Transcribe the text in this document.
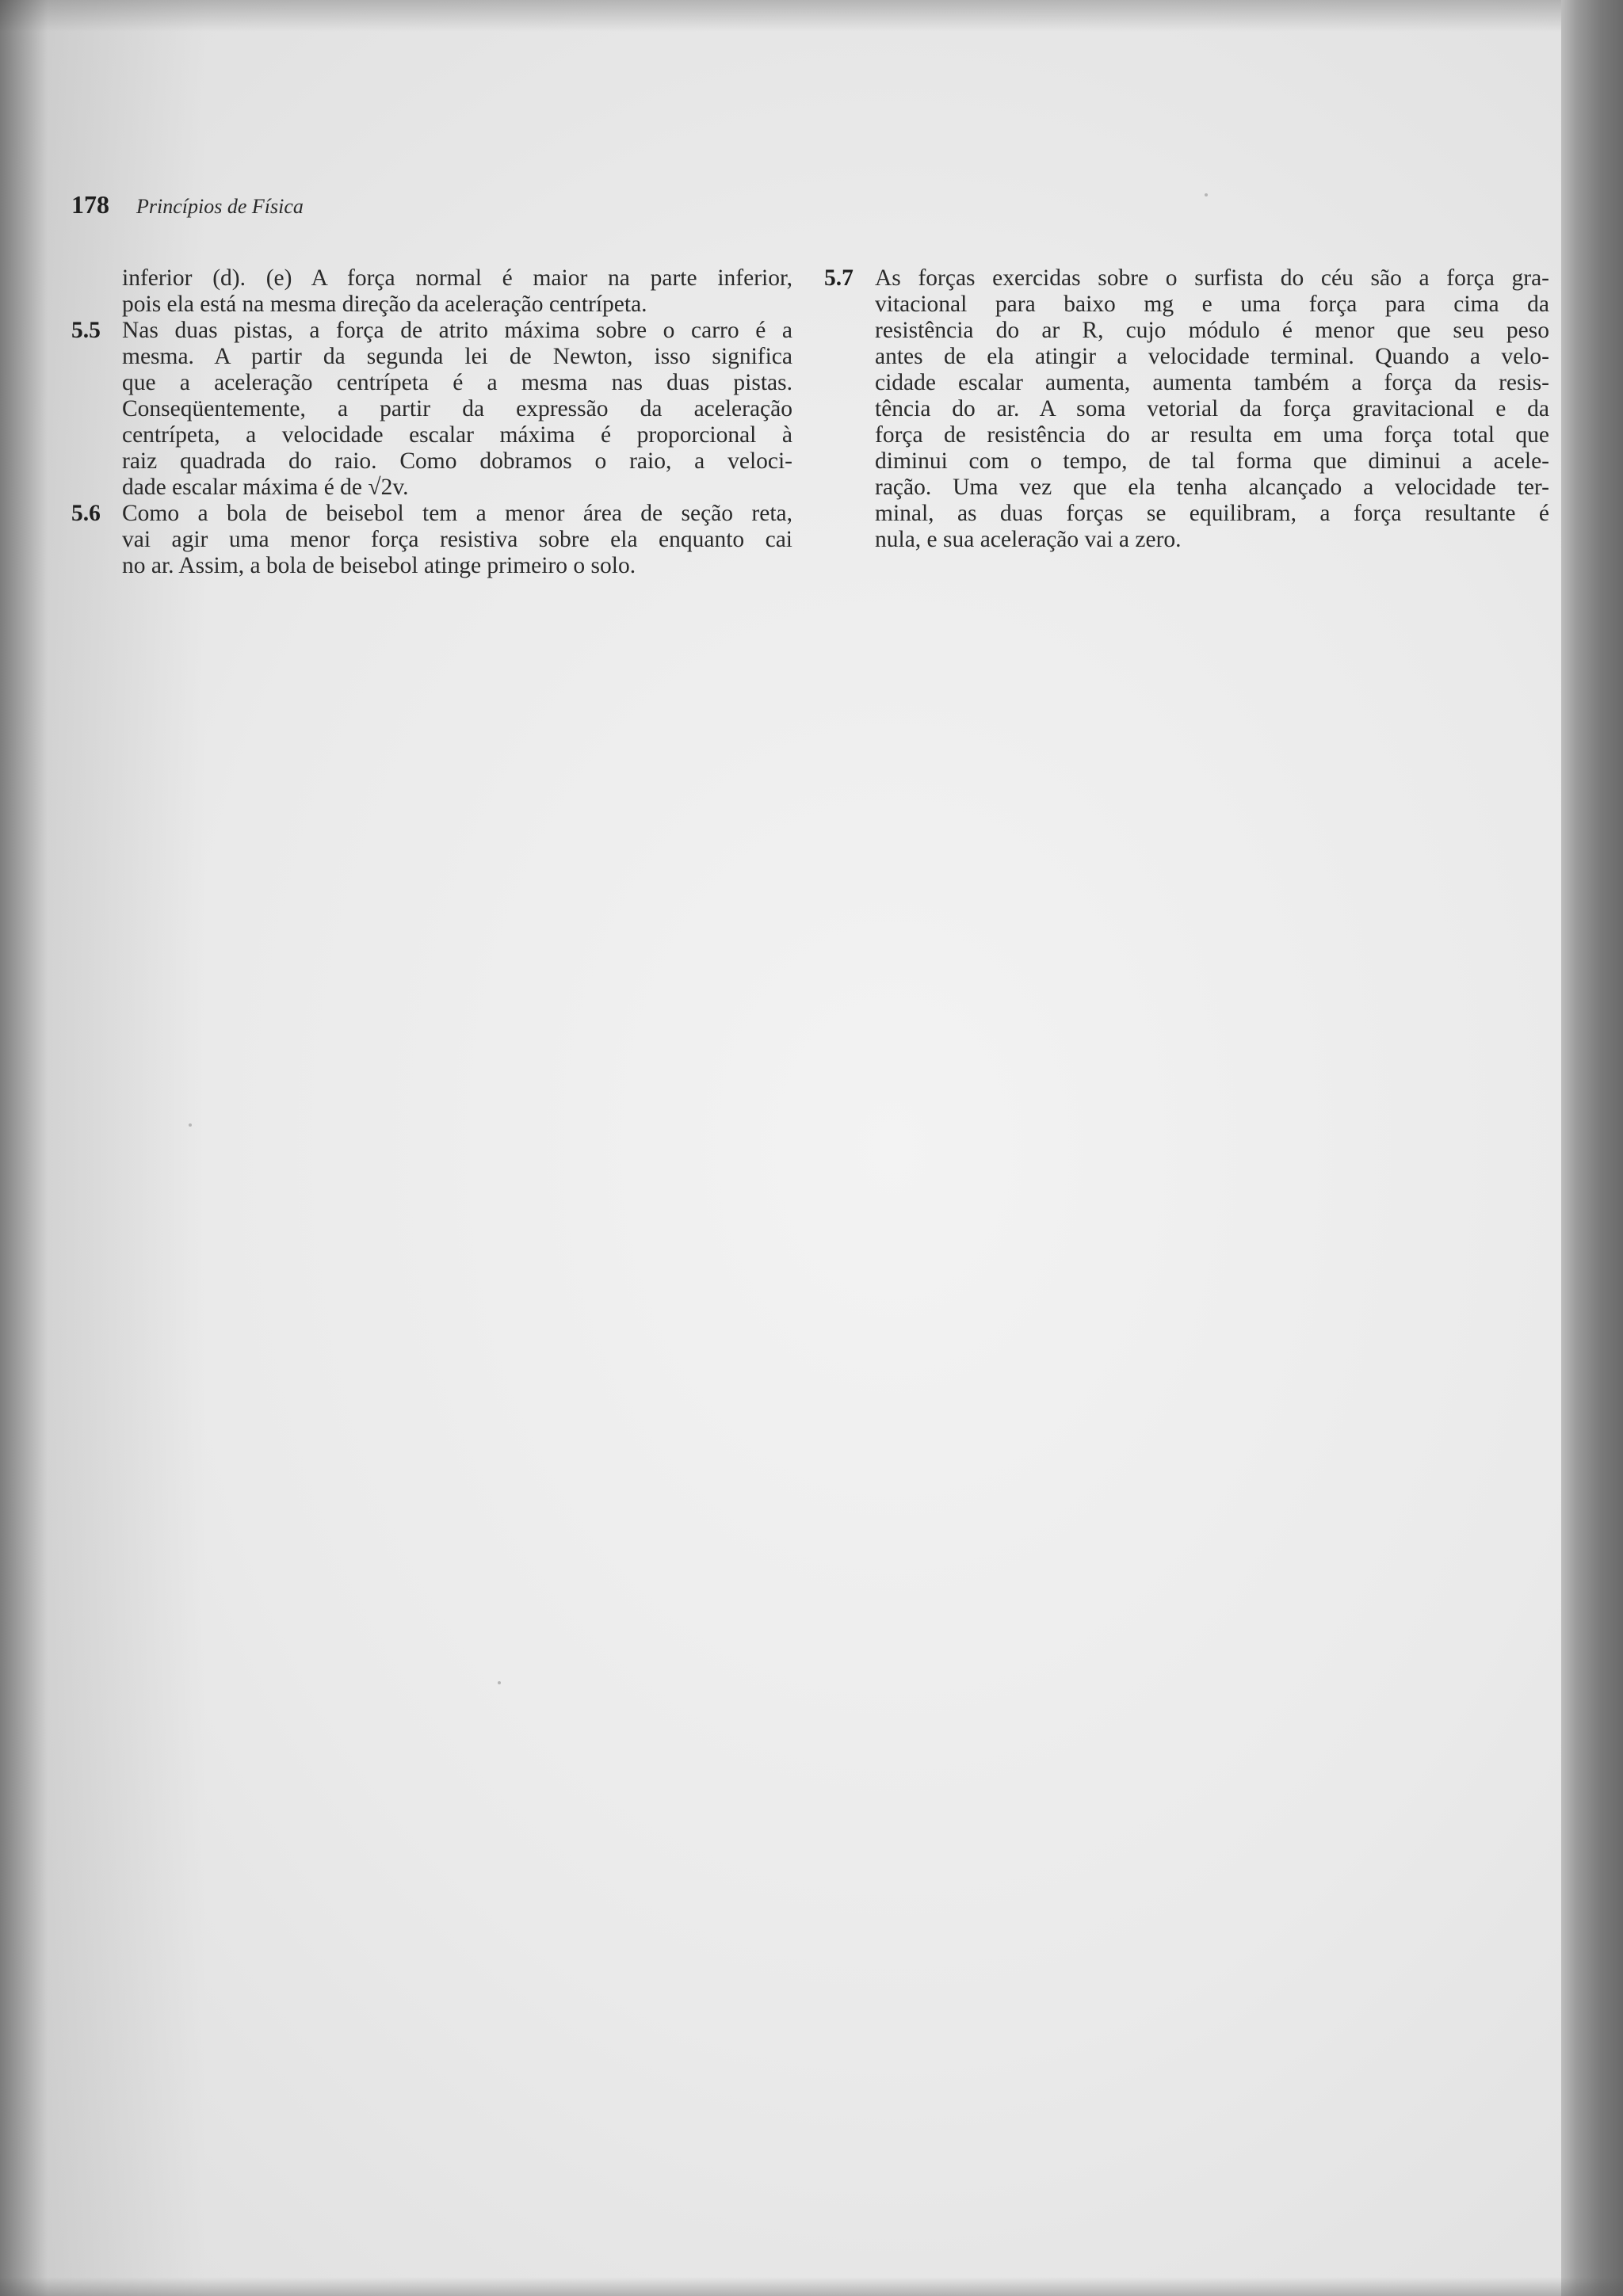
178 Princípios de Física

inferior (d). (e) A força normal é maior na parte inferior,
pois ela está na mesma direção da aceleração centrípeta.

5.5 Nas duas pistas, a força de atrito máxima sobre o carro é a
mesma. A partir da segunda lei de Newton, isso significa
que a aceleração centrípeta é a mesma nas duas pistas.
Conseqüentemente, a partir da expressão da aceleração
centrípeta, a velocidade escalar máxima é proporcional à
raiz quadrada do raio. Como dobramos o raio, a veloci-
dade escalar máxima é de √2v.

5.6 Como a bola de beisebol tem a menor área de seção reta,
vai agir uma menor força resistiva sobre ela enquanto cai
no ar. Assim, a bola de beisebol atinge primeiro o solo.

5.7 As forças exercidas sobre o surfista do céu são a força gra-
vitacional para baixo mg e uma força para cima da
resistência do ar R, cujo módulo é menor que seu peso
antes de ela atingir a velocidade terminal. Quando a velo-
cidade escalar aumenta, aumenta também a força da resis-
tência do ar. A soma vetorial da força gravitacional e da
força de resistência do ar resulta em uma força total que
diminui com o tempo, de tal forma que diminui a acele-
ração. Uma vez que ela tenha alcançado a velocidade ter-
minal, as duas forças se equilibram, a força resultante é
nula, e sua aceleração vai a zero.
